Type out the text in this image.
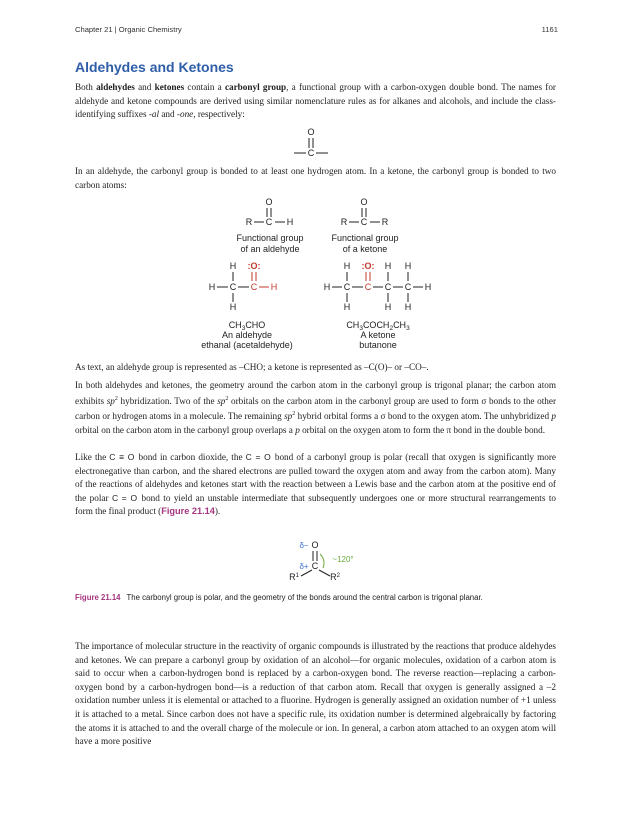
Chapter 21 | Organic Chemistry	1161
Aldehydes and Ketones

Both aldehydes and ketones contain a carbonyl group, a functional group with a carbon-oxygen double bond. The names for aldehyde and ketone compounds are derived using similar nomenclature rules as for alkanes and alcohols, and include the class-identifying suffixes -al and -one, respectively:

O
C

In an aldehyde, the carbonyl group is bonded to at least one hydrogen atom. In a ketone, the carbonyl group is bonded to two carbon atoms:

O
R C H
Functional group
of an aldehyde
O
R C R
Functional group
of a ketone
H :O:
H C C H
H
$CH_3CHO$
An aldehyde
ethanal (acetaldehyde)
H :O: H H
H C C C C H
H	H H
$CH_3COCH_2CH_3$
A ketone
butanone

As text, an aldehyde group is represented as –CHO; a ketone is represented as –C(O)– or –CO–.

In both aldehydes and ketones, the geometry around the carbon atom in the carbonyl group is trigonal planar; the carbon atom exhibits $sp^2$ hybridization. Two of the $sp^2$ orbitals on the carbon atom in the carbonyl group are used to form σ bonds to the other carbon or hydrogen atoms in a molecule. The remaining $sp^2$ hybrid orbital forms a σ bond to the oxygen atom. The unhybridized p orbital on the carbon atom in the carbonyl group overlaps a p orbital on the oxygen atom to form the π bond in the double bond.

Like the C ≡ O bond in carbon dioxide, the C = O bond of a carbonyl group is polar (recall that oxygen is significantly more electronegative than carbon, and the shared electrons are pulled toward the oxygen atom and away from the carbon atom). Many of the reactions of aldehydes and ketones start with the reaction between a Lewis base and the carbon atom at the positive end of the polar C = O bond to yield an unstable intermediate that subsequently undergoes one or more structural rearrangements to form the final product (Figure 21.14).

δ− O
δ+ C
$R^1$	$R^2$
~120°
Figure 21.14 The carbonyl group is polar, and the geometry of the bonds around the central carbon is trigonal planar.

The importance of molecular structure in the reactivity of organic compounds is illustrated by the reactions that produce aldehydes and ketones. We can prepare a carbonyl group by oxidation of an alcohol—for organic molecules, oxidation of a carbon atom is said to occur when a carbon-hydrogen bond is replaced by a carbon-oxygen bond. The reverse reaction—replacing a carbon-oxygen bond by a carbon-hydrogen bond—is a reduction of that carbon atom. Recall that oxygen is generally assigned a –2 oxidation number unless it is elemental or attached to a fluorine. Hydrogen is generally assigned an oxidation number of +1 unless it is attached to a metal. Since carbon does not have a specific rule, its oxidation number is determined algebraically by factoring the atoms it is attached to and the overall charge of the molecule or ion. In general, a carbon atom attached to an oxygen atom will have a more positive
